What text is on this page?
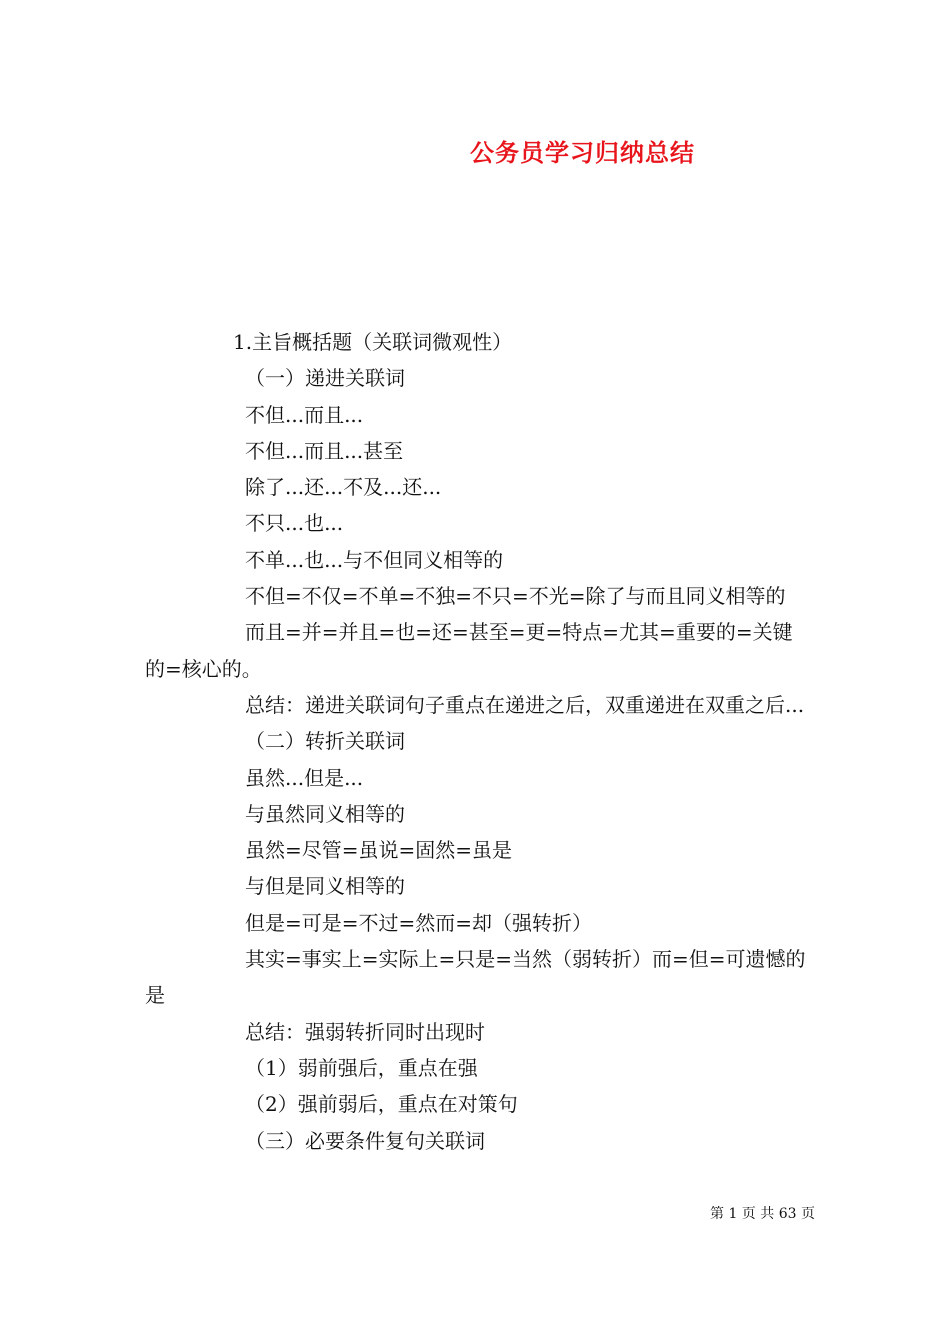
公务员学习归纳总结
1.主旨概括题（关联词微观性）
（一）递进关联词
不但...而且...
不但...而且...甚至
除了...还...不及...还...
不只...也...
不单...也...与不但同义相等的
不但=不仅=不单=不独=不只=不光=除了与而且同义相等的
而且=并=并且=也=还=甚至=更=特点=尤其=重要的=关键的=核心的。
总结：递进关联词句子重点在递进之后，双重递进在双重之后...
（二）转折关联词
虽然...但是...
与虽然同义相等的
虽然=尽管=虽说=固然=虽是
与但是同义相等的
但是=可是=不过=然而=却（强转折）
其实=事实上=实际上=只是=当然（弱转折）而=但=可遗憾的是
总结：强弱转折同时出现时
（1）弱前强后，重点在强
（2）强前弱后，重点在对策句
（三）必要条件复句关联词
第 1 页 共 63 页
